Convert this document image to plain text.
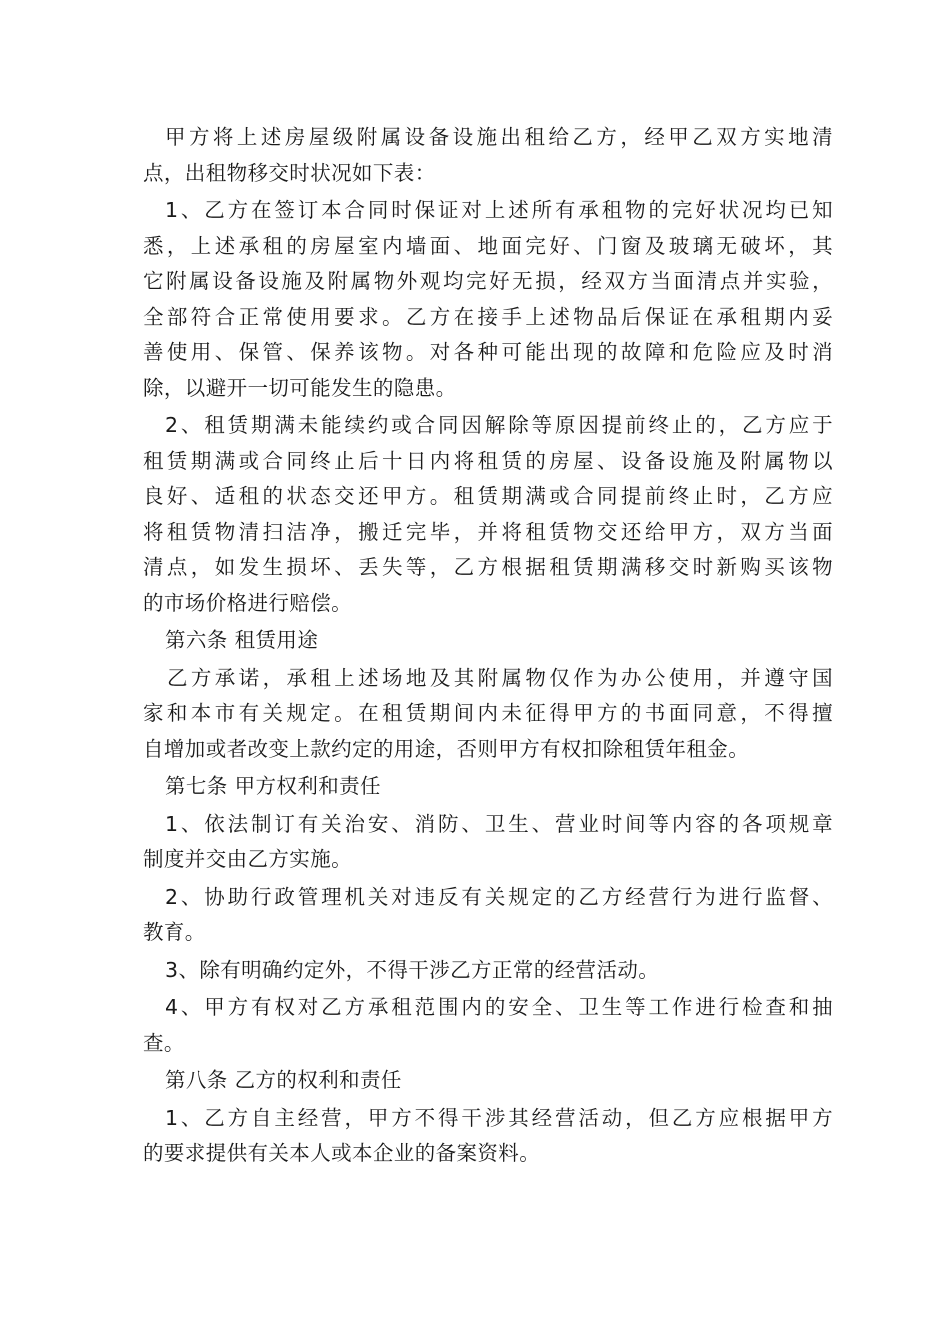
甲方将上述房屋级附属设备设施出租给乙方，经甲乙双方实地清
点，出租物移交时状况如下表：
1、乙方在签订本合同时保证对上述所有承租物的完好状况均已知
悉，上述承租的房屋室内墙面、地面完好、门窗及玻璃无破坏，其
它附属设备设施及附属物外观均完好无损，经双方当面清点并实验，
全部符合正常使用要求。乙方在接手上述物品后保证在承租期内妥
善使用、保管、保养该物。对各种可能出现的故障和危险应及时消
除，以避开一切可能发生的隐患。
2、租赁期满未能续约或合同因解除等原因提前终止的，乙方应于
租赁期满或合同终止后十日内将租赁的房屋、设备设施及附属物以
良好、适租的状态交还甲方。租赁期满或合同提前终止时，乙方应
将租赁物清扫洁净，搬迁完毕，并将租赁物交还给甲方，双方当面
清点，如发生损坏、丢失等，乙方根据租赁期满移交时新购买该物
的市场价格进行赔偿。
第六条 租赁用途
乙方承诺，承租上述场地及其附属物仅作为办公使用，并遵守国
家和本市有关规定。在租赁期间内未征得甲方的书面同意，不得擅
自增加或者改变上款约定的用途，否则甲方有权扣除租赁年租金。
第七条 甲方权利和责任
1、依法制订有关治安、消防、卫生、营业时间等内容的各项规章
制度并交由乙方实施。
2、协助行政管理机关对违反有关规定的乙方经营行为进行监督、
教育。
3、除有明确约定外，不得干涉乙方正常的经营活动。
4、甲方有权对乙方承租范围内的安全、卫生等工作进行检查和抽
查。
第八条 乙方的权利和责任
1、乙方自主经营，甲方不得干涉其经营活动，但乙方应根据甲方
的要求提供有关本人或本企业的备案资料。
